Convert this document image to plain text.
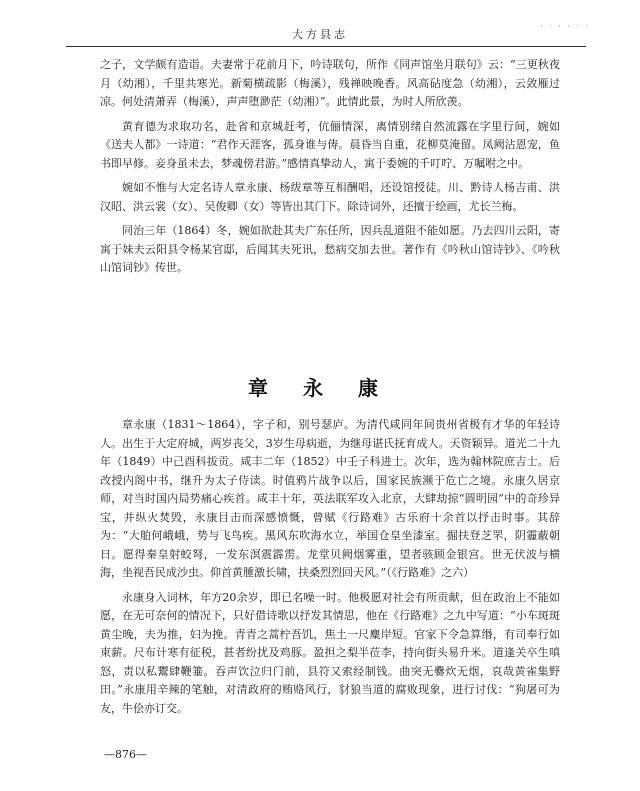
大方县志
· · · · · ·

之子，文学颇有造诣。夫妻常于花前月下，吟诗联句，所作《同声馆坐月联句》云：“三更秋夜月（幼湘），千里共寒光。新菊横疏影（梅溪），残禅映晚香。风高砧度急（幼湘），云敛雁过凉。何处清萧弄（梅溪），声声堕渺茫（幼湘）”。此情此景，为时人所欣羡。

黄育德为求取功名，赴省和京城赶考，伉俪情深，离情别绪自然流露在字里行间，婉如《送夫人都》一诗道：“君作天涯客，孤身谁与俦。晨昏当自重，花柳莫淹留。凤阙沾恩宠，鱼书即早修。妾身虽未去，梦魂傍君游。”感情真挚动人，寓于委婉的千叮咛、万嘱咐之中。

婉如不惟与大定名诗人章永康、杨绂章等互相酬唱，还设馆授徒。川、黔诗人杨吉甫、洪汉昭、洪云裳（女）、吴俊卿（女）等皆出其门下。除诗词外，还擅于绘画，尤长兰梅。

同治三年（1864）冬，婉如欲赴其夫广东任所，因兵乱道阻不能如愿。乃去四川云阳，寄寓于妹夫云阳县令杨某官邸，后闻其夫死讯，愁病交加去世。著作有《吟秋山馆诗钞》、《吟秋山馆词钞》传世。

章 永 康

章永康（1831～1864），字子和，别号瑟庐。为清代咸同年间贵州省极有才华的年轻诗人。出生于大定府城，两岁丧父，3岁生母病逝，为继母谌氏抚育成人。天资颖异。道光二十九年（1849）中己酉科拔贡。咸丰二年（1852）中壬子科进士。次年，选为翰林院庶吉士。后改授内阁中书，继升为太子侍读。时值鸦片战争以后，国家民族濒于危亡之境。永康久居京师，对当时国内局势痛心疾首。咸丰十年，英法联军攻入北京，大肆劫掠“圆明园”中的奇珍异宝，并纵火焚毁，永康目击而深感愤慨，曾赋《行路难》古乐府十余首以抒击时事。其辞为：“大舶何峨峨，势与飞鸟疾。黑风东吹海水立，举国仓皇坐漆室。掘扶登芝罘，阴霾蔽朝日。愿得秦皇射蛟弩，一发东溟震霹雳。龙堂贝阙烟雾重，望者骇顾金银宫。世无伏波与横海，坐视吾民成沙虫。仰首黄腄激长啸，扶桑烈烈回天风。”（《行路难》之六）

永康身入词林，年方20余岁，即已名噪一时。他极愿对社会有所贡献，但在政治上不能如愿，在无可奈何的情况下，只好借诗歌以抒发其情思，他在《行路难》之九中写道：“小车斑斑黄尘晚，夫为推，妇为挽。青青之蒿柠吾饥，焦土一尺麋岸短。官家下令急算缗，有司奉行如束薪。尺布计寒有征税，甚者纷扰及鸡豚。盈担之梨半莅李，持向街头易升米。道逢关卒生嗔怒，责以私鬻肆鞭箠。吞声饮泣归门前，县符又索经制钱。曲突无爨炊无烟，哀哉黄雀集野田。”永康用辛辣的笔触，对清政府的贿赂风行，豺狼当道的腐败现象，进行讨伐：“狗屠可为友，牛侩亦订交。

—876—
